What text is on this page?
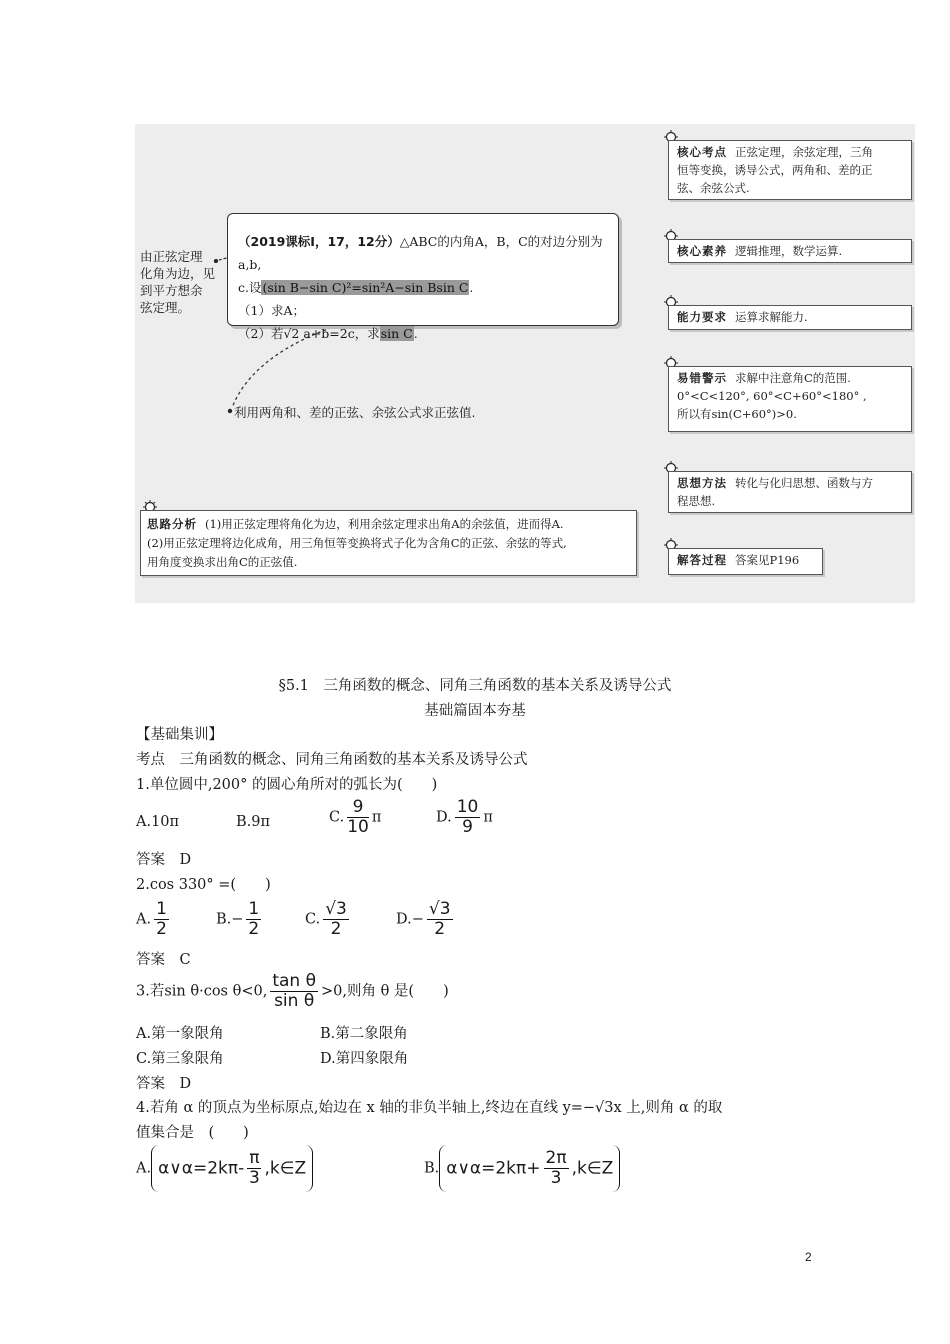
由正弦定理
化角为边，见
到平方想余
弦定理。
（2019课标Ⅰ，17，12分）△ABC的内角A，B，C的对边分别为a,b,
c.设(sin B−sin C)²=sin²A−sin Bsin C.
（1）求A；
（2）若√2 a+b=2c，求sin C.
利用两角和、差的正弦、余弦公式求正弦值.
思路分析 (1)用正弦定理将角化为边，利用余弦定理求出角A的余弦值，进而得A.
(2)用正弦定理将边化成角，用三角恒等变换将式子化为含角C的正弦、余弦的等式,
用角度变换求出角C的正弦值.
核心考点 正弦定理，余弦定理，三角
恒等变换，诱导公式，两角和、差的正
弦、余弦公式.
核心素养 逻辑推理，数学运算.
能力要求 运算求解能力.
易错警示 求解中注意角C的范围.
0°<C<120°, 60°<C+60°<180° ,
所以有sin(C+60°)>0.
思想方法 转化与化归思想、函数与方
程思想.
解答过程 答案见P196
§5.1　三角函数的概念、同角三角函数的基本关系及诱导公式
基础篇固本夯基
【基础集训】
考点　三角函数的概念、同角三角函数的基本关系及诱导公式
1.单位圆中,200° 的圆心角所对的弧长为(　　)
A.10π	B.9π	C. $\frac{9}{10}$ π	D. $\frac{10}{9}$ π
答案　D
2.cos 330° =(　　)
A. $\frac{1}{2}$	$B.- \frac{1}{2}$	C. $\frac{√3}{2}$	$D.- \frac{√3}{2}$
答案　C
3.若sin θ·cos θ<0, $\frac{\text{tan θ}}{\text{sin θ}} >0$,则角 θ 是(　　)
A.第一象限角	B.第二象限角
C.第三象限角	D.第四象限角
答案　D
4.若角 α 的顶点为坐标原点,始边在 x 轴的非负半轴上,终边在直线 y=−√3x 上,则角 α 的取
值集合是　(　　)
A. α∨α=2kπ- $\frac{\pi}{3}$ ,k∈Z	B. α∨α=2kπ+ $\frac{2\pi}{3}$ ,k∈Z
2
